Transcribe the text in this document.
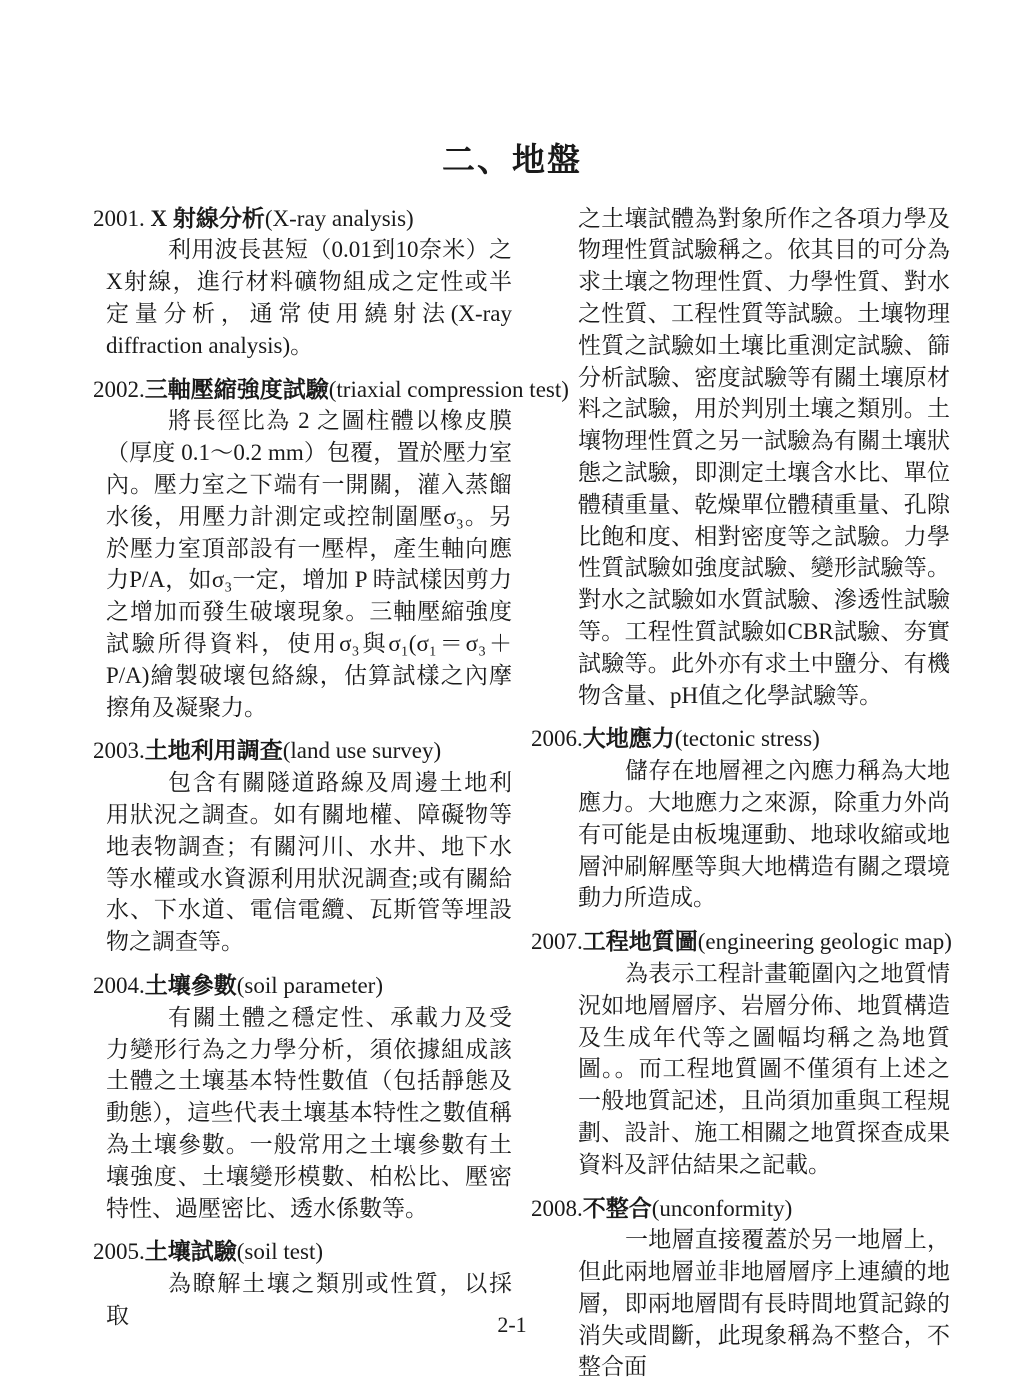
二、地盤
2001. X 射線分析(X-ray analysis)

利用波長甚短（0.01到10奈米）之X射線，進行材料礦物組成之定性或半定量分析，通常使用繞射法(X-ray diffraction analysis)。

2002.三軸壓縮強度試驗(triaxial compression test)

將長徑比為 2 之圖柱體以橡皮膜（厚度 0.1～0.2 mm）包覆，置於壓力室內。壓力室之下端有一開關，灌入蒸餾水後，用壓力計測定或控制圍壓σ₃。另於壓力室頂部設有一壓桿，產生軸向應力P/A，如σ₃一定，增加 P 時試樣因剪力之增加而發生破壞現象。三軸壓縮強度試驗所得資料，使用σ₃與σ₁(σ₁＝σ₃＋P/A)繪製破壞包絡線，估算試樣之內摩擦角及凝聚力。

2003.土地利用調查(land use survey)

包含有關隧道路線及周邊土地利用狀況之調查。如有關地權、障礙物等地表物調查；有關河川、水井、地下水等水權或水資源利用狀況調查;或有關給水、下水道、電信電纜、瓦斯管等埋設物之調查等。

2004.土壤參數(soil parameter)

有關土體之穩定性、承載力及受力變形行為之力學分析，須依據組成該土體之土壤基本特性數值（包括靜態及動態），這些代表土壤基本特性之數值稱為土壤參數。一般常用之土壤參數有土壤強度、土壤變形模數、柏松比、壓密特性、過壓密比、透水係數等。

2005.土壤試驗(soil test)

為瞭解土壤之類別或性質，以採取

之土壤試體為對象所作之各項力學及物理性質試驗稱之。依其目的可分為求土壤之物理性質、力學性質、對水之性質、工程性質等試驗。土壤物理性質之試驗如土壤比重測定試驗、篩分析試驗、密度試驗等有關土壤原材料之試驗，用於判別土壤之類別。土壤物理性質之另一試驗為有關土壤狀態之試驗，即測定土壤含水比、單位體積重量、乾燥單位體積重量、孔隙比飽和度、相對密度等之試驗。力學性質試驗如強度試驗、變形試驗等。對水之試驗如水質試驗、滲透性試驗等。工程性質試驗如CBR試驗、夯實試驗等。此外亦有求土中鹽分、有機物含量、pH值之化學試驗等。

2006.大地應力(tectonic stress)

儲存在地層裡之內應力稱為大地應力。大地應力之來源，除重力外尚有可能是由板塊運動、地球收縮或地層沖刷解壓等與大地構造有關之環境動力所造成。

2007.工程地質圖(engineering geologic map)

為表示工程計畫範圍內之地質情況如地層層序、岩層分佈、地質構造及生成年代等之圖幅均稱之為地質圖。。而工程地質圖不僅須有上述之一般地質記述，且尚須加重與工程規劃、設計、施工相關之地質探查成果資料及評估結果之記載。

2008.不整合(unconformity)

一地層直接覆蓋於另一地層上，但此兩地層並非地層層序上連續的地層，即兩地層間有長時間地質記錄的消失或間斷，此現象稱為不整合，不整合面

2-1
